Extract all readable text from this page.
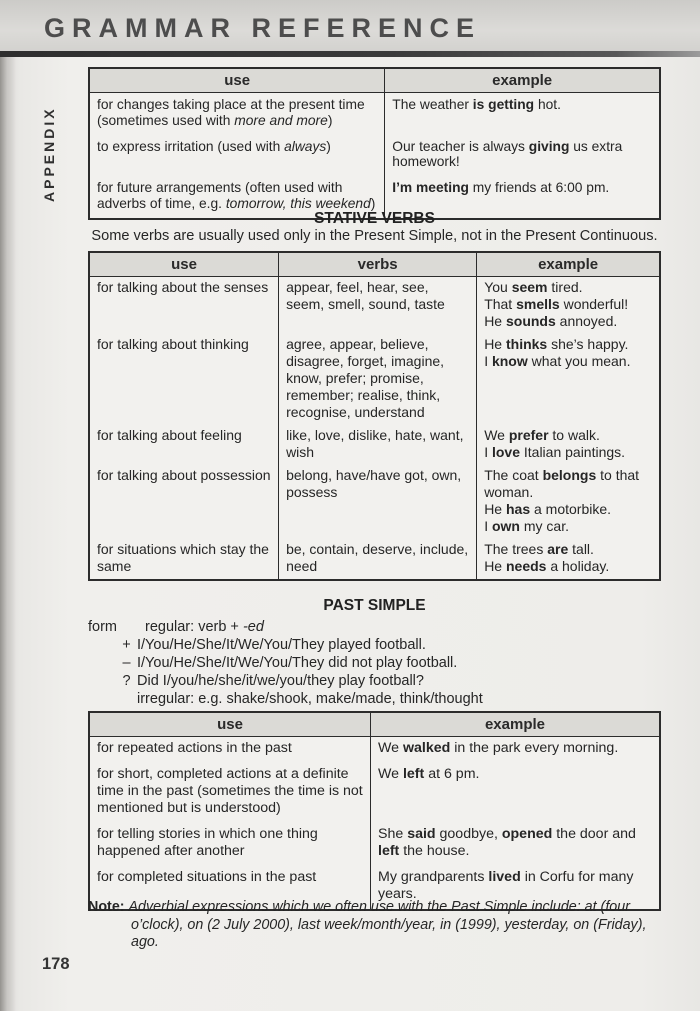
GRAMMAR REFERENCE
APPENDIX
use	example

for changes taking place at the present time (sometimes used with more and more)	The weather is getting hot.

to express irritation (used with always)	Our teacher is always giving us extra homework!

for future arrangements (often used with adverbs of time, e.g. tomorrow, this weekend)	I’m meeting my friends at 6:00 pm.
STATIVE VERBS
Some verbs are usually used only in the Present Simple, not in the Present Continuous.
use	verbs	example

for talking about the senses	appear, feel, hear, see, seem, smell, sound, taste	You seem tired.
That smells wonderful!
He sounds annoyed.

for talking about thinking	agree, appear, believe, disagree, forget, imagine, know, prefer; promise, remember; realise, think, recognise, understand	He thinks she’s happy.
I know what you mean.

for talking about feeling	like, love, dislike, hate, want, wish	We prefer to walk.
I love Italian paintings.

for talking about possession	belong, have/have got, own, possess	The coat belongs to that woman.
He has a motorbike.
I own my car.

for situations which stay the same	be, contain, deserve, include, need	The trees are tall.
He needs a holiday.
PAST SIMPLE
form regular: verb + -ed
+ I/You/He/She/It/We/You/They played football.
– I/You/He/She/It/We/You/They did not play football.
? Did I/you/he/she/it/we/you/they play football?
irregular: e.g. shake/shook, make/made, think/thought
use	example

for repeated actions in the past	We walked in the park every morning.

for short, completed actions at a definite time in the past (sometimes the time is not mentioned but is understood)	We left at 6 pm.

for telling stories in which one thing happened after another	She said goodbye, opened the door and left the house.

for completed situations in the past	My grandparents lived in Corfu for many years.
Note: Adverbial expressions which we often use with the Past Simple include: at (four o’clock), on (2 July 2000), last week/month/year, in (1999), yesterday, on (Friday), ago.
178
